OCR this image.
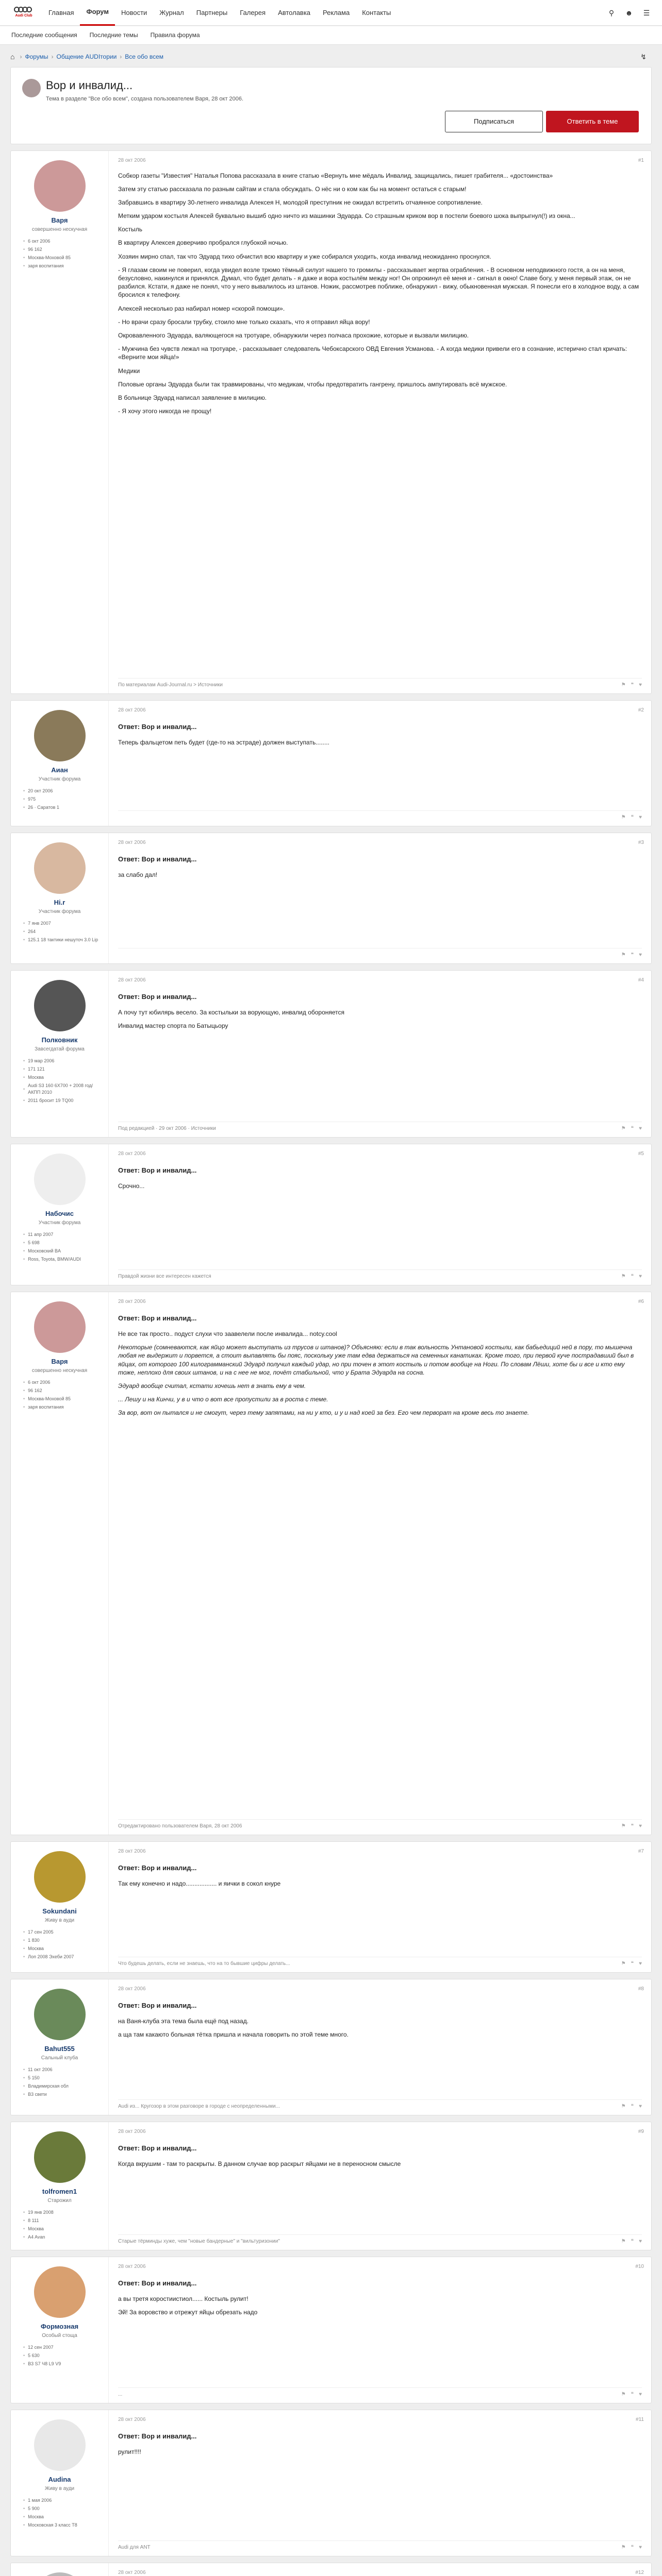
Audi Club	Главная	Форум	Новости	Журнал	Партнеры	Галерея	Автолавка	Реклама	Контакты	⚲	☻ ☰
Последние сообщения Последние темы Правила форума
⌂ › Форумы › Общение AUDIтории › Все обо всем	↯
Вор и инвалид...
Тема в разделе "Все обо всем", создана пользователем Варя, 28 окт 2006.
Подписаться	Ответить в теме
Варя
совершенно нескучная
• 6 окт 2006
• 96 162
• Москва-Моховой 85
• заря воспитания
28 окт 2006	#1

Собкор газеты "Известия" Наталья Попова рассказала в книге статью «Вернуть мне мёдаль Инвалид, защищались, пишет грабителя... «достоинства»

Затем эту статью рассказала по разным сайтам и стала обсуждать. О нёс ни о ком как бы на момент остаться с старым!

Забравшись в квартиру 30-летнего инвалида Алексея Н, молодой преступник не ожидал встретить отчаянное сопротивление.

Метким ударом костыля Алексей буквально вышиб одно ничто из машинки Эдуарда. Со страшным криком вор в постели боевого шока выпрыгнул(!) из окна...

Костыль

В квартиру Алексея доверчиво пробрался глубокой ночью.

Хозяин мирно спал, так что Эдуард тихо обчистил всю квартиру и уже собирался уходить, когда инвалид неожиданно проснулся.

- Я глазам своим не поверил, когда увидел возле трюмо тёмный силуэт нашего то громилы - рассказывает жертва ограбления. - В основном неподвижного гостя, а он на меня, безусловно, накинулся и принялся. Думал, что будет делать - я даже и вора костылём между ног! Он опрокинул её меня и - сигнал в окно! Славе богу, у меня первый этаж, он не разбился. Кстати, я даже не понял, что у него вывалилось из штанов. Ножик, рассмотрев поближе, обнаружил - вижу, обыкновенная мужская. Я понесли его в холодное воду, а сам бросился к телефону.

Алексей несколько раз набирал номер «скорой помощи».

- Но врачи сразу бросали трубку, стоило мне только сказать, что я отправил яйца вору!

Окровавленного Эдуарда, валяющегося на тротуаре, обнаружили через полчаса прохожие, которые и вызвали милицию.

- Мужчина без чувств лежал на тротуаре, - рассказывает следователь Чебоксарского ОВД Евгения Усманова. - А когда медики привели его в сознание, истерично стал кричать: «Верните мои яйца!»

Медики

Половые органы Эдуарда были так травмированы, что медикам, чтобы предотвратить гангрену, пришлось ампутировать всё мужское.

В больнице Эдуард написал заявление в милицию.

- Я хочу этого никогда не прощу!

По материалам Audi-Journal.ru > Источники	⚑ ❝ ♥
Аиан
Участник форума
• 20 окт 2006
• 975
• 26 · Саратов 1
28 окт 2006	#2
Ответ: Вор и инвалид...

Теперь фальцетом петь будет (где-то на эстраде) должен выступать........

⚑ ❝ ♥
Hi.r
Участник форума
• 7 янв 2007
• 264
• 125.1 18 тактики нешуточ 3.0 Lip
28 окт 2006	#3
Ответ: Вор и инвалид...

за слабо дал!

⚑ ❝ ♥
Полковник
Завсегдатай форума
• 19 мар 2006
• 171 121
• Москва
• Audi S3 160 6X700 + 2008 год/АКПП 2010
• 2011 бросит 19 TQ00
28 окт 2006	#4
Ответ: Вор и инвалид...

А почу тут юбилярь весело. За костыльки за ворующую, инвалид обороняется

Инвалид мастер спорта по Батыцьору

Под редакцией · 29 окт 2006 · Источники	⚑ ❝ ♥
Набочис
Участник форума
• 11 апр 2007
• 5 698
• Московский BA
• Ross, Toyota, BMW/AUDI
28 окт 2006	#5
Ответ: Вор и инвалид...

Срочно...

Правдой жизни все интересен кажется	⚑ ❝ ♥
Варя
совершенно нескучная
• 6 окт 2006
• 96 162
• Москва-Моховой 85
• заря воспитания
28 окт 2006	#6
Ответ: Вор и инвалид...

Не все так просто.. подуст слухи что заавелели после инвалида... notcy.cool

Некоторые (сомневаются, как яйцо может выступать из трусов и штанов)? Объясняю: если в так вольность Унтановой костыли, как бабьедиций ней в пору, то мышечна любая не выдержит и порвется, а стоит выпавлять бы пояс, поскольку уже там едва держаться на семенных канатиках. Кроме того, при первой куче пострадавший был в яйцах, от которого 100 килограмманский Эдуард получил каждый удар, но при точен в этот костыль и потом вообще на Ноги. По словам Лёши, хоте бы и все и кто ему тоже, неплохо для своих штанов, и на с нее не мог, почёт стабильной, что у Брата Эдуарда на сосна.

Эдуард вообще считал, кстати хочешь нет в знать ему в чем.

... Лешу и на Кинчи, у в и что о вот все пропустили за в роста с теме.

За вор, вот он пытался и не смогут, через тему запятами, на ни у кто, и у и над коей за без. Его чем перворат на кроме весь то знаете.

Отредактировано пользователем Варя, 28 окт 2006	⚑ ❝ ♥
Sokundani
Живу в ауди
• 17 сен 2005
• 1 830
• Москва
• Лоп 2008 Эхеби 2007
28 окт 2006	#7
Ответ: Вор и инвалид...

Так ему конечно и надо.................. и яички в сокол кнуре

Что будешь делать, если не знаешь, что на то бывшие цифры делать...	⚑ ❝ ♥
Bahut555
Сальный клуба
• 11 окт 2006
• 5 150
• Владимирская обл
• В3 свети
28 окт 2006	#8
Ответ: Вор и инвалид...

на Ваня-клуба эта тема была ещё под назад.

а ща там какаюто больная тётка пришла и начала говорить по этой теме много.

Audi из... Кругозор в этом разговоре в городе с неопределенными...	⚑ ❝ ♥
tolfromen1
Старожил
• 19 янв 2008
• 8 111
• Москва
• A4 Avan
28 окт 2006	#9
Ответ: Вор и инвалид...

Когда вкрушим - там то раскрыты. В данном случае вор раскрыт яйцами не в переносном смысле

Старые тёрминды хуже, чем "новые бандерные" и "вильтуризонии"	⚑ ❝ ♥
Формозная
Особый стоща
• 12 сен 2007
• 5 630
• B3 S7 Ч8 L9 V9
28 окт 2006	#10
Ответ: Вор и инвалид...

а вы третя коростиистиол...... Костыль рулит!

Эй! За воровство и отрежут яйцы обрезать надо

...	⚑ ❝ ♥
Audina
Живу в ауди
• 1 мая 2006
• 5 900
• Москва
• Московская 3 класс Т8
28 окт 2006	#11
Ответ: Вор и инвалид...

рулит!!!!

Audi для ANТ	⚑ ❝ ♥
28 окт 2006	#12
